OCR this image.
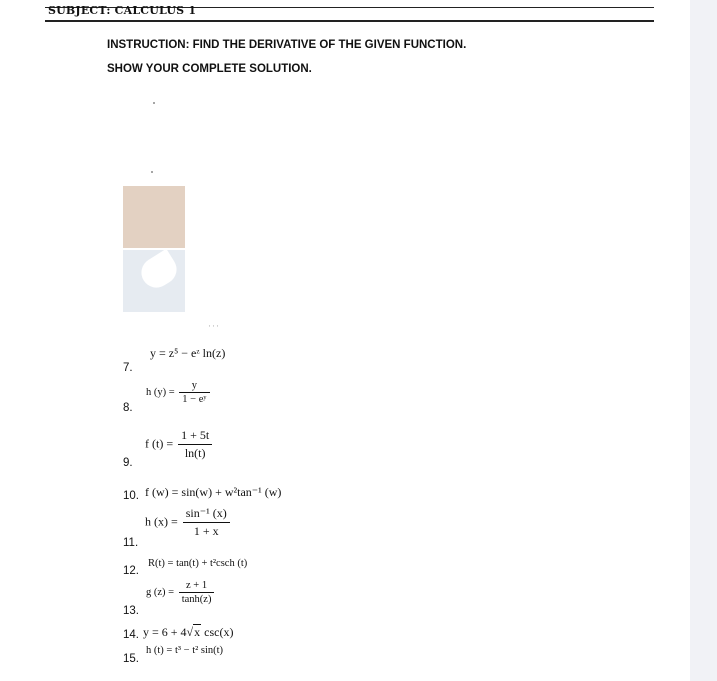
SUBJECT: CALCULUS 1
INSTRUCTION: FIND THE DERIVATIVE OF THE GIVEN FUNCTION.
SHOW YOUR COMPLETE SOLUTION.
···
7.
y = z⁵ − eᶻ ln(z)
8.
h $(y) = \frac{y}{\text{1 − eʸ}}$
9.
f $(t) = \frac{1 + 5t}{\ln(t)}$
10. f (w) = sin(w) + w²tan⁻¹ (w)
11.
h $(x) = \frac{\text{sin⁻¹ (x)}}{1 + x}$
12.
R(t) = tan(t) + t²csch (t)
13.
g $(z) = \frac{z + 1}{\tanh(z)}$
14. y = 6 + 4√x csc(x)
15.
h (t) = t³ − t² sin(t)
